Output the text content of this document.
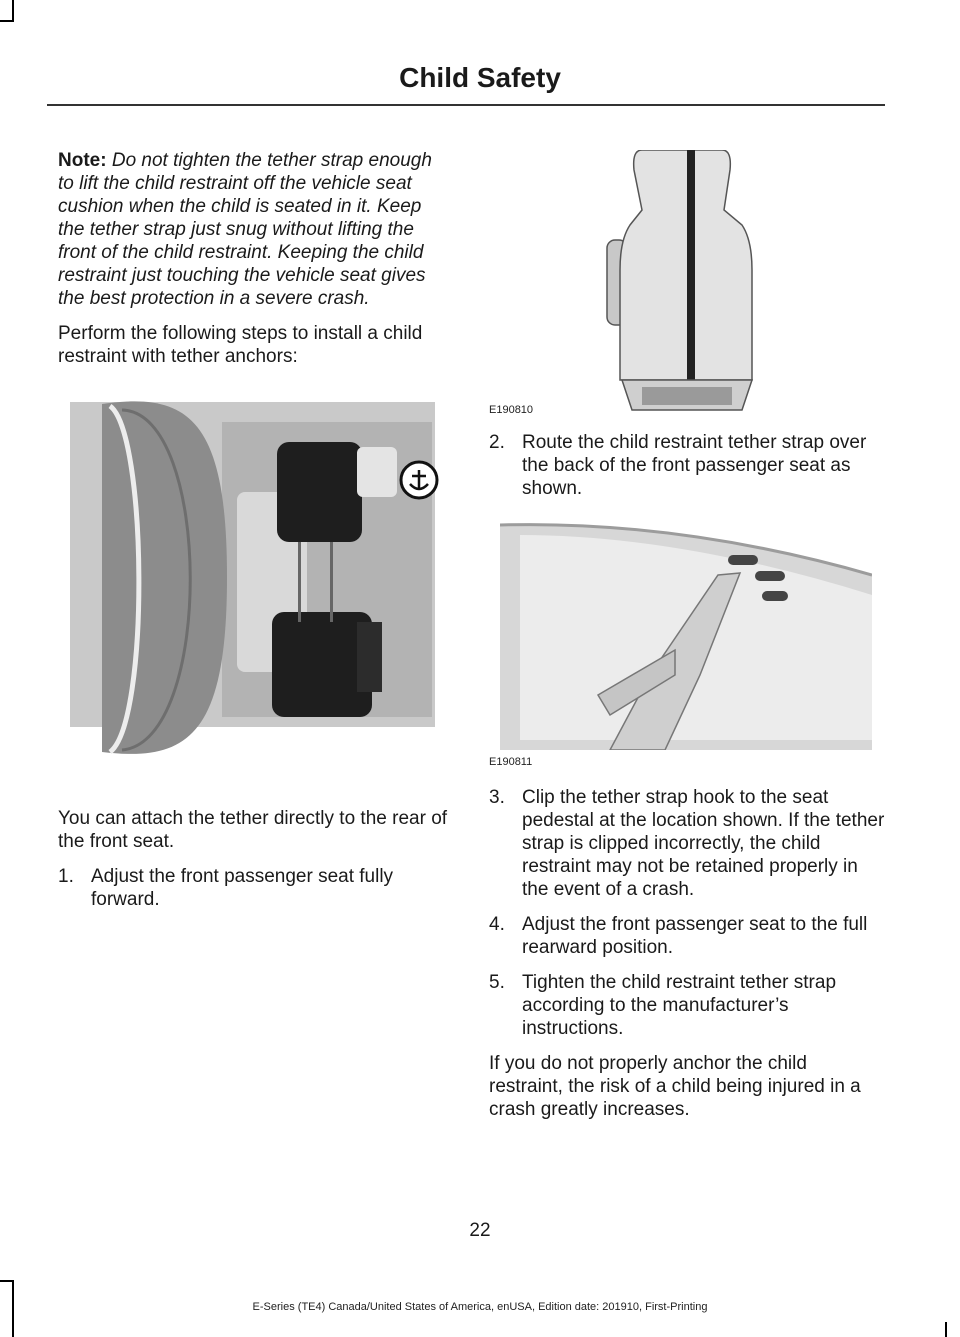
Child Safety

Note: Do not tighten the tether strap enough to lift the child restraint off the vehicle seat cushion when the child is seated in it. Keep the tether strap just snug without lifting the front of the child restraint. Keeping the child restraint just touching the vehicle seat gives the best protection in a severe crash.

Perform the following steps to install a child restraint with tether anchors:

You can attach the tether directly to the rear of the front seat.

1. Adjust the front passenger seat fully forward.
E190810
2. Route the child restraint tether strap over the back of the front passenger seat as shown.
E190811
3. Clip the tether strap hook to the seat pedestal at the location shown. If the tether strap is clipped incorrectly, the child restraint may not be retained properly in the event of a crash.
4. Adjust the front passenger seat to the full rearward position.
5. Tighten the child restraint tether strap according to the manufacturer’s instructions.

If you do not properly anchor the child restraint, the risk of a child being injured in a crash greatly increases.

22
E-Series (TE4) Canada/United States of America, enUSA, Edition date: 201910, First-Printing
